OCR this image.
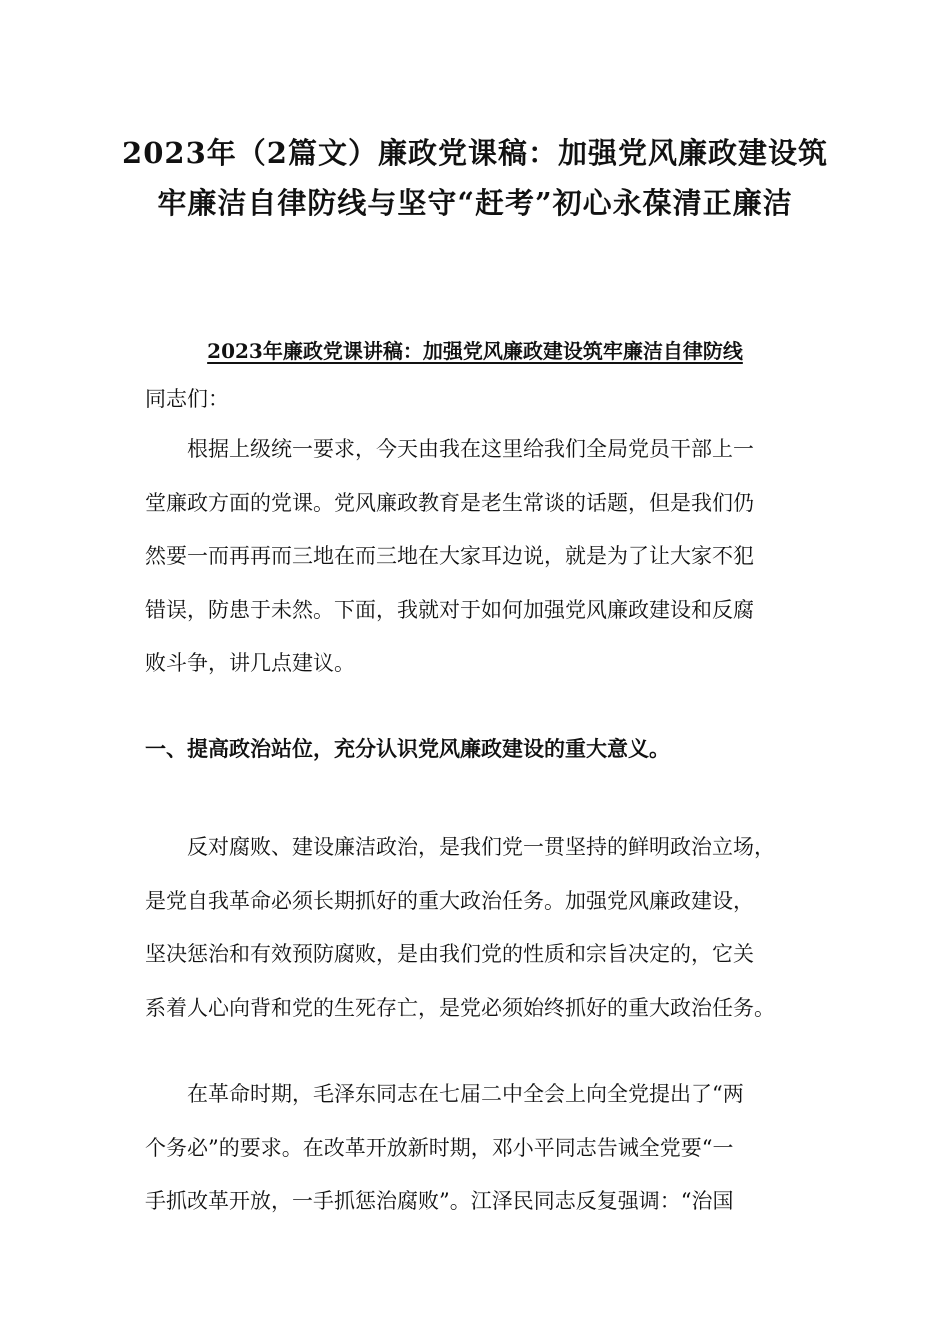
2023年（2篇文）廉政党课稿：加强党风廉政建设筑
牢廉洁自律防线与坚守“赶考”初心永葆清正廉洁
2023年廉政党课讲稿：加强党风廉政建设筑牢廉洁自律防线
同志们：

　　根据上级统一要求，今天由我在这里给我们全局党员干部上一
堂廉政方面的党课。党风廉政教育是老生常谈的话题，但是我们仍
然要一而再再而三地在而三地在大家耳边说，就是为了让大家不犯
错误，防患于未然。下面，我就对于如何加强党风廉政建设和反腐
败斗争，讲几点建议。

一、提高政治站位，充分认识党风廉政建设的重大意义。

　　反对腐败、建设廉洁政治，是我们党一贯坚持的鲜明政治立场，
是党自我革命必须长期抓好的重大政治任务。加强党风廉政建设，
坚决惩治和有效预防腐败，是由我们党的性质和宗旨决定的，它关
系着人心向背和党的生死存亡，是党必须始终抓好的重大政治任务。

　　在革命时期，毛泽东同志在七届二中全会上向全党提出了“两
个务必”的要求。在改革开放新时期，邓小平同志告诫全党要“一
手抓改革开放，一手抓惩治腐败”。江泽民同志反复强调：“治国
